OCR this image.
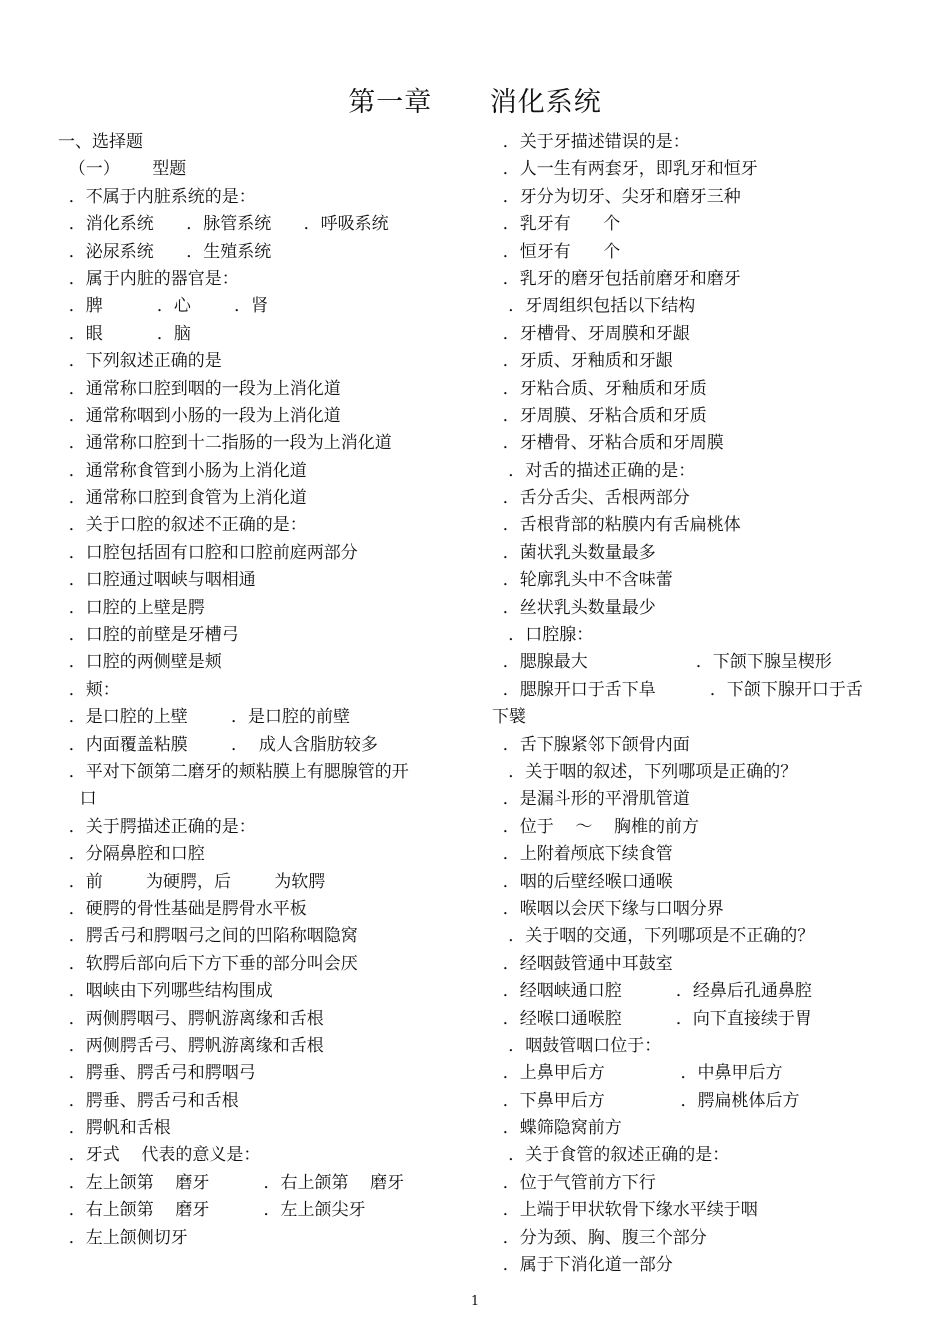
第一章      消化系统
一、选择题
（一）      型题
．不属于内脏系统的是：
．消化系统      ．脉管系统      ．呼吸系统
．泌尿系统      ．生殖系统
．属于内脏的器官是：
．脾          ．心        ．肾
．眼          ．脑
．下列叙述正确的是
．通常称口腔到咽的一段为上消化道
．通常称咽到小肠的一段为上消化道
．通常称口腔到十二指肠的一段为上消化道
．通常称食管到小肠为上消化道
．通常称口腔到食管为上消化道
．关于口腔的叙述不正确的是：
．口腔包括固有口腔和口腔前庭两部分
．口腔通过咽峡与咽相通
．口腔的上壁是腭
．口腔的前壁是牙槽弓
．口腔的两侧壁是颊
．颊：
．是口腔的上壁        ．是口腔的前壁
．内面覆盖粘膜        ．  成人含脂肪较多
．平对下颌第二磨牙的颊粘膜上有腮腺管的开
口
．关于腭描述正确的是：
．分隔鼻腔和口腔
．前        为硬腭，后        为软腭
．硬腭的骨性基础是腭骨水平板
．腭舌弓和腭咽弓之间的凹陷称咽隐窝
．软腭后部向后下方下垂的部分叫会厌
．咽峡由下列哪些结构围成
．两侧腭咽弓、腭帆游离缘和舌根
．两侧腭舌弓、腭帆游离缘和舌根
．腭垂、腭舌弓和腭咽弓
．腭垂、腭舌弓和舌根
．腭帆和舌根
．牙式    代表的意义是：
．左上颌第    磨牙          ．右上颌第    磨牙
．右上颌第    磨牙          ．左上颌尖牙
．左上颌侧切牙
．关于牙描述错误的是：
．人一生有两套牙，即乳牙和恒牙
．牙分为切牙、尖牙和磨牙三种
．乳牙有      个
．恒牙有      个
．乳牙的磨牙包括前磨牙和磨牙
．牙周组织包括以下结构
．牙槽骨、牙周膜和牙龈
．牙质、牙釉质和牙龈
．牙粘合质、牙釉质和牙质
．牙周膜、牙粘合质和牙质
．牙槽骨、牙粘合质和牙周膜
．对舌的描述正确的是：
．舌分舌尖、舌根两部分
．舌根背部的粘膜内有舌扁桃体
．菌状乳头数量最多
．轮廓乳头中不含味蕾
．丝状乳头数量最少
．口腔腺：
．腮腺最大                    ．下颌下腺呈楔形
．腮腺开口于舌下阜          ．下颌下腺开口于舌
下襞
．舌下腺紧邻下颌骨内面
．关于咽的叙述，下列哪项是正确的？
．是漏斗形的平滑肌管道
．位于    ～    胸椎的前方
．上附着颅底下续食管
．咽的后壁经喉口通喉
．喉咽以会厌下缘与口咽分界
．关于咽的交通，下列哪项是不正确的？
．经咽鼓管通中耳鼓室
．经咽峡通口腔          ．经鼻后孔通鼻腔
．经喉口通喉腔          ．向下直接续于胃
．咽鼓管咽口位于：
．上鼻甲后方              ．中鼻甲后方
．下鼻甲后方              ．腭扁桃体后方
．蝶筛隐窝前方
．关于食管的叙述正确的是：
．位于气管前方下行
．上端于甲状软骨下缘水平续于咽
．分为颈、胸、腹三个部分
．属于下消化道一部分
1
